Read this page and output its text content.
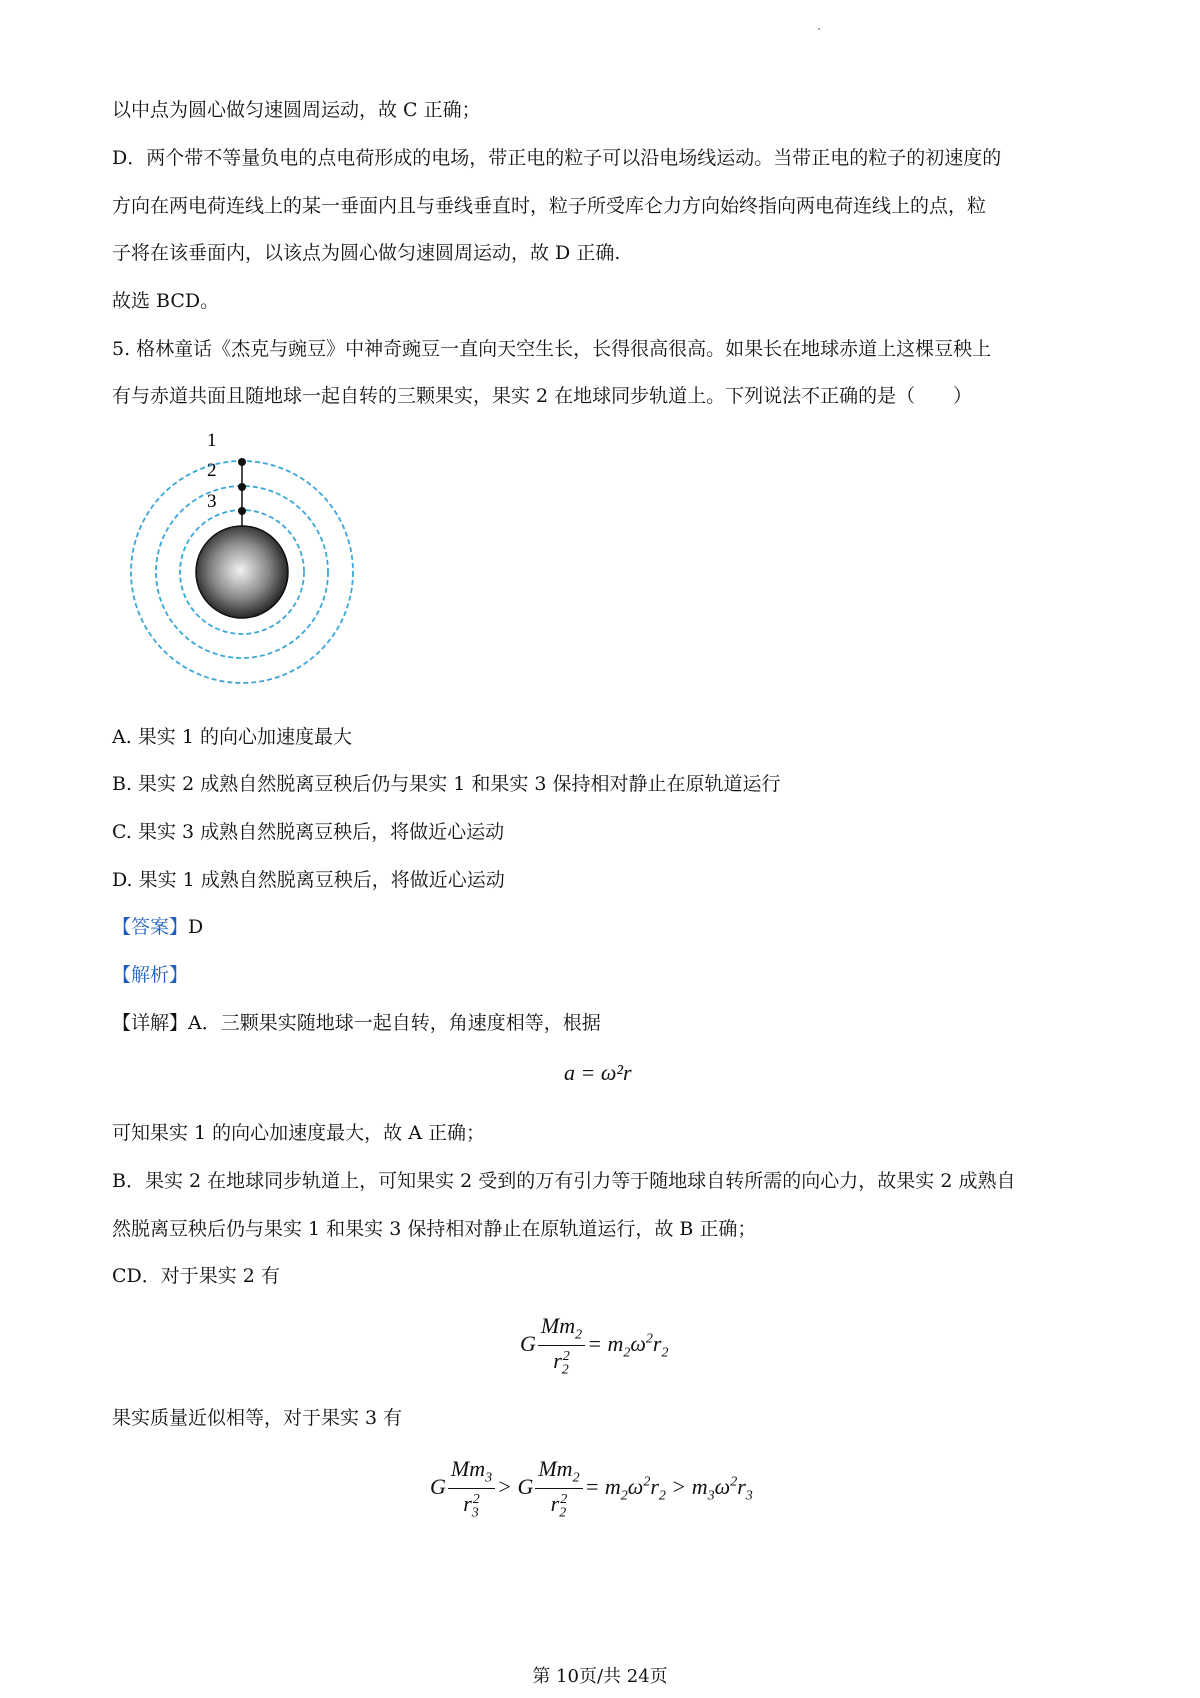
以中点为圆心做匀速圆周运动，故 C 正确；
D．两个带不等量负电的点电荷形成的电场，带正电的粒子可以沿电场线运动。当带正电的粒子的初速度的
方向在两电荷连线上的某一垂面内且与垂线垂直时，粒子所受库仑力方向始终指向两电荷连线上的点，粒
子将在该垂面内，以该点为圆心做匀速圆周运动，故 D 正确.
故选 BCD。
5. 格林童话《杰克与豌豆》中神奇豌豆一直向天空生长，长得很高很高。如果长在地球赤道上这棵豆秧上
有与赤道共面且随地球一起自转的三颗果实，果实 2 在地球同步轨道上。下列说法不正确的是（　　）
1
2
3
A. 果实 1 的向心加速度最大
B. 果实 2 成熟自然脱离豆秧后仍与果实 1 和果实 3 保持相对静止在原轨道运行
C. 果实 3 成熟自然脱离豆秧后，将做近心运动
D. 果实 1 成熟自然脱离豆秧后，将做近心运动
【答案】D
【解析】
【详解】A．三颗果实随地球一起自转，角速度相等，根据
a = ω²r
可知果实 1 的向心加速度最大，故 A 正确；
B．果实 2 在地球同步轨道上，可知果实 2 受到的万有引力等于随地球自转所需的向心力，故果实 2 成熟自
然脱离豆秧后仍与果实 1 和果实 3 保持相对静止在原轨道运行，故 B 正确；
CD．对于果实 2 有
G $\frac{Mm_2}{r_2^2} = m_2\omega^2r_2$
果实质量近似相等，对于果实 3 有
G $\frac{Mm_3}{r_3^2} > G \frac{Mm_2}{r_2^2} = m_2\omega^2r_2 > m_3\omega^2r_3$
第 10页/共 24页
